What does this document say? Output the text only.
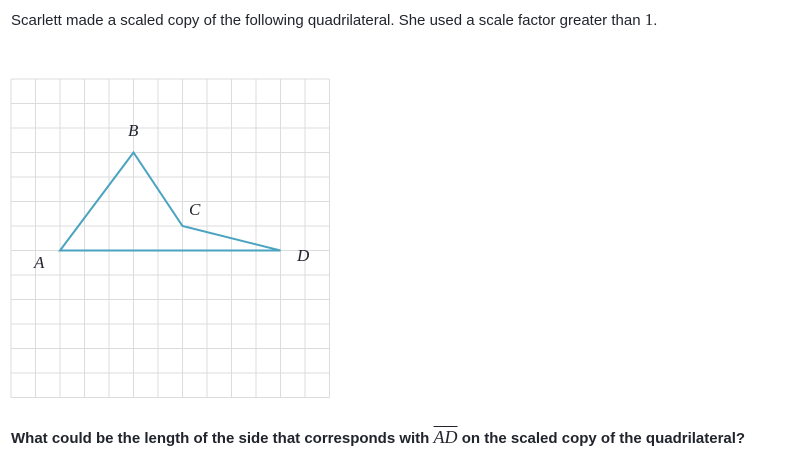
Scarlett made a scaled copy of the following quadrilateral. She used a scale factor greater than 1.
A
B
C
D
What could be the length of the side that corresponds with $\overline{AD}$ on the scaled copy of the quadrilateral?
